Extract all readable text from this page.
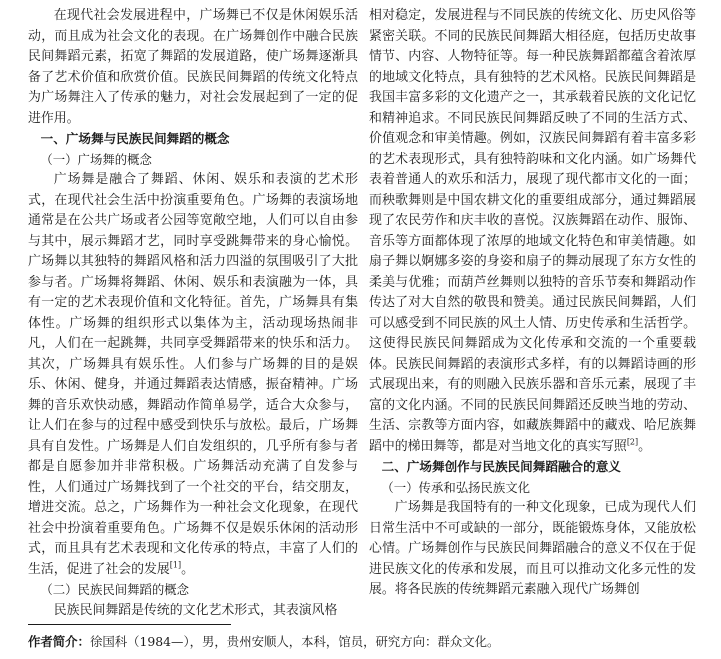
在现代社会发展进程中，广场舞已不仅是休闲娱乐活动，而且成为社会文化的表现。在广场舞创作中融合民族民间舞蹈元素，拓宽了舞蹈的发展道路，使广场舞逐渐具备了艺术价值和欣赏价值。民族民间舞蹈的传统文化特点为广场舞注入了传承的魅力，对社会发展起到了一定的促进作用。

一、广场舞与民族民间舞蹈的概念

（一）广场舞的概念

广场舞是融合了舞蹈、休闲、娱乐和表演的艺术形式，在现代社会生活中扮演重要角色。广场舞的表演场地通常是在公共广场或者公园等宽敞空地，人们可以自由参与其中，展示舞蹈才艺，同时享受跳舞带来的身心愉悦。广场舞以其独特的舞蹈风格和活力四溢的氛围吸引了大批参与者。广场舞将舞蹈、休闲、娱乐和表演融为一体，具有一定的艺术表现价值和文化特征。首先，广场舞具有集体性。广场舞的组织形式以集体为主，活动现场热闹非凡，人们在一起跳舞，共同享受舞蹈带来的快乐和活力。其次，广场舞具有娱乐性。人们参与广场舞的目的是娱乐、休闲、健身，并通过舞蹈表达情感，振奋精神。广场舞的音乐欢快动感，舞蹈动作简单易学，适合大众参与，让人们在参与的过程中感受到快乐与放松。最后，广场舞具有自发性。广场舞是人们自发组织的，几乎所有参与者都是自愿参加并非常积极。广场舞活动充满了自发参与性，人们通过广场舞找到了一个社交的平台，结交朋友，增进交流。总之，广场舞作为一种社会文化现象，在现代社会中扮演着重要角色。广场舞不仅是娱乐休闲的活动形式，而且具有艺术表现和文化传承的特点，丰富了人们的生活，促进了社会的发展[1]。

（二）民族民间舞蹈的概念

民族民间舞蹈是传统的文化艺术形式，其表演风格

相对稳定，发展进程与不同民族的传统文化、历史风俗等紧密关联。不同的民族民间舞蹈大相径庭，包括历史故事情节、内容、人物特征等。每一种民族舞蹈都蕴含着浓厚的地域文化特点，具有独特的艺术风格。民族民间舞蹈是我国丰富多彩的文化遗产之一，其承载着民族的文化记忆和精神追求。不同民族民间舞蹈反映了不同的生活方式、价值观念和审美情趣。例如，汉族民间舞蹈有着丰富多彩的艺术表现形式，具有独特韵味和文化内涵。如广场舞代表着普通人的欢乐和活力，展现了现代都市文化的一面；而秧歌舞则是中国农耕文化的重要组成部分，通过舞蹈展现了农民劳作和庆丰收的喜悦。汉族舞蹈在动作、服饰、音乐等方面都体现了浓厚的地域文化特色和审美情趣。如扇子舞以婀娜多姿的身姿和扇子的舞动展现了东方女性的柔美与优雅；而葫芦丝舞则以独特的音乐节奏和舞蹈动作传达了对大自然的敬畏和赞美。通过民族民间舞蹈，人们可以感受到不同民族的风土人情、历史传承和生活哲学。这使得民族民间舞蹈成为文化传承和交流的一个重要载体。民族民间舞蹈的表演形式多样，有的以舞蹈诗画的形式展现出来，有的则融入民族乐器和音乐元素，展现了丰富的文化内涵。不同的民族民间舞蹈还反映当地的劳动、生活、宗教等方面内容，如藏族舞蹈中的藏戏、哈尼族舞蹈中的梯田舞等，都是对当地文化的真实写照[2]。

二、广场舞创作与民族民间舞蹈融合的意义

（一）传承和弘扬民族文化

广场舞是我国特有的一种文化现象，已成为现代人们日常生活中不可或缺的一部分，既能锻炼身体，又能放松心情。广场舞创作与民族民间舞蹈融合的意义不仅在于促进民族文化的传承和发展，而且可以推动文化多元性的发展。将各民族的传统舞蹈元素融入现代广场舞创

作者简介：徐国科（1984—），男，贵州安顺人，本科，馆员，研究方向：群众文化。
